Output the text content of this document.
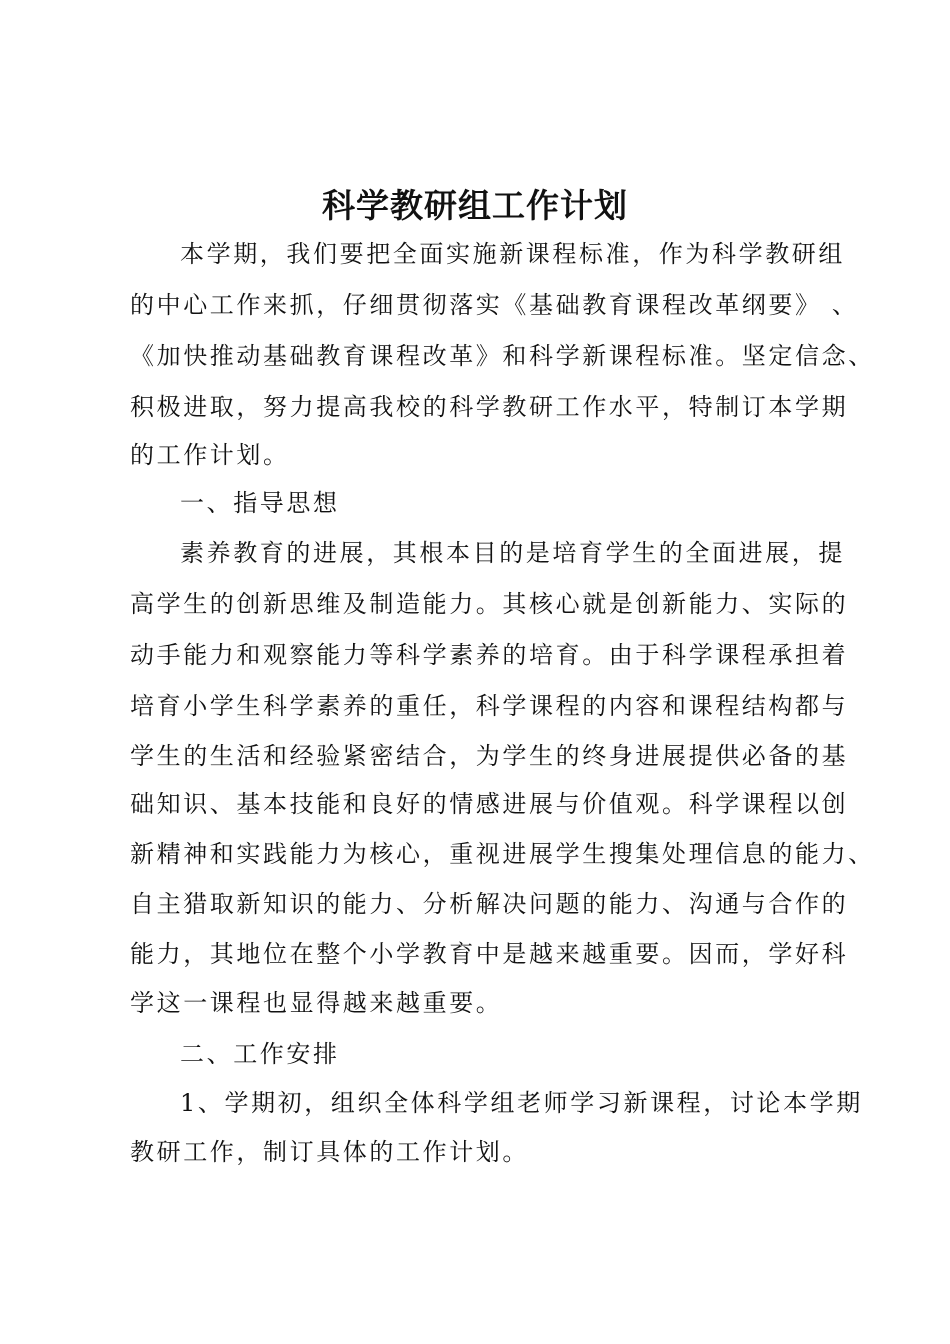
科学教研组工作计划
本学期，我们要把全面实施新课程标准，作为科学教研组
的中心工作来抓，仔细贯彻落实《基础教育课程改革纲要》 、
《加快推动基础教育课程改革》和科学新课程标准。坚定信念、
积极进取，努力提高我校的科学教研工作水平，特制订本学期
的工作计划。
一、指导思想
素养教育的进展，其根本目的是培育学生的全面进展，提
高学生的创新思维及制造能力。其核心就是创新能力、实际的
动手能力和观察能力等科学素养的培育。由于科学课程承担着
培育小学生科学素养的重任，科学课程的内容和课程结构都与
学生的生活和经验紧密结合，为学生的终身进展提供必备的基
础知识、基本技能和良好的情感进展与价值观。科学课程以创
新精神和实践能力为核心，重视进展学生搜集处理信息的能力、
自主猎取新知识的能力、分析解决问题的能力、沟通与合作的
能力，其地位在整个小学教育中是越来越重要。因而，学好科
学这一课程也显得越来越重要。
二、工作安排
1、学期初，组织全体科学组老师学习新课程，讨论本学期
教研工作，制订具体的工作计划。
